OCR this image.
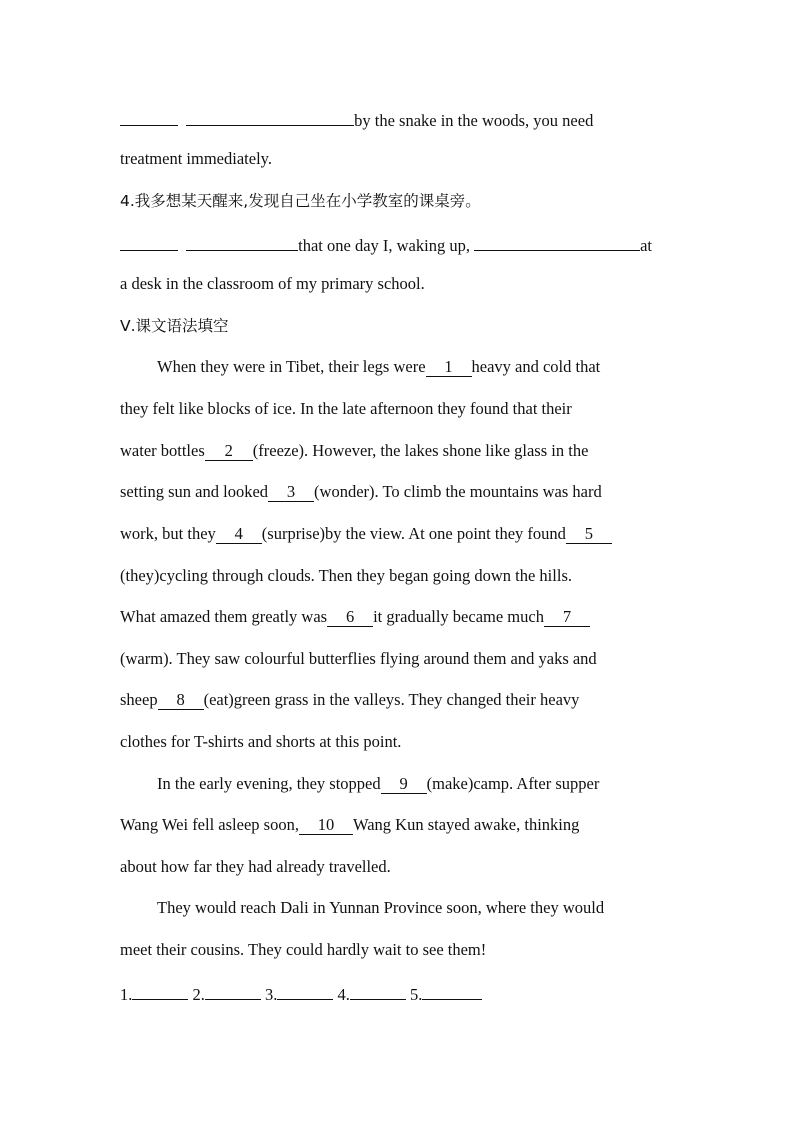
by the snake in the woods, you need
treatment immediately.
4.我多想某天醒来,发现自己坐在小学教室的课桌旁。
that one day I, waking up,	at
a desk in the classroom of my primary school.
Ⅴ.课文语法填空
When they were in Tibet, their legs were 1 heavy and cold that
they felt like blocks of ice. In the late afternoon they found that their
water bottles 2 (freeze). However, the lakes shone like glass in the
setting sun and looked 3 (wonder). To climb the mountains was hard
work, but they 4 (surprise)by the view. At one point they found 5
(they)cycling through clouds. Then they began going down the hills.
What amazed them greatly was 6 it gradually became much 7
(warm). They saw colourful butterflies flying around them and yaks and
sheep 8 (eat)green grass in the valleys. They changed their heavy
clothes for T-shirts and shorts at this point.
In the early evening, they stopped 9 (make)camp. After supper
Wang Wei fell asleep soon, 10 Wang Kun stayed awake, thinking
about how far they had already travelled.
They would reach Dali in Yunnan Province soon, where they would
meet their cousins. They could hardly wait to see them!
1.	2.	3.	4.	5.
